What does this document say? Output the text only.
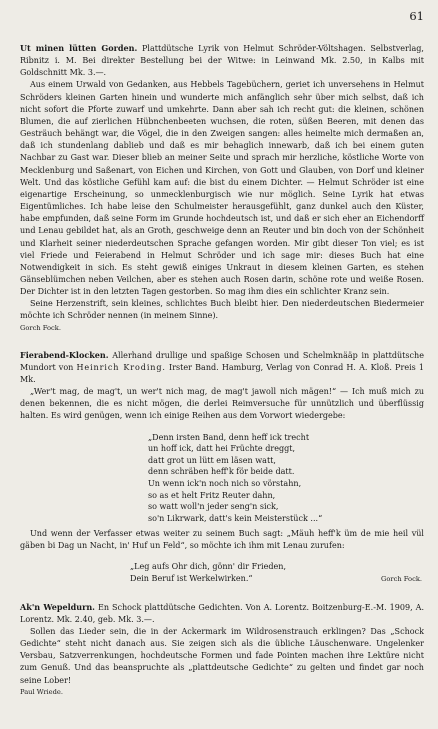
61

Ut minen lütten Gorden. Plattdütsche Lyrik von Helmut Schröder-Völtshagen. Selbstverlag, Ribnitz i. M. Bei direkter Bestellung bei der Witwe: in Leinwand Mk. 2.50, in Kalbs mit Goldschnitt Mk. 3.—.

Aus einem Urwald von Gedanken, aus Hebbels Tagebüchern, geriet ich unversehens in Helmut Schröders kleinen Garten hinein und wunderte mich anfänglich sehr über mich selbst, daß ich nicht sofort die Pforte zuwarf und umkehrte. Dann aber sah ich recht gut: die kleinen, schönen Blumen, die auf zierlichen Hübnchenbeeten wuchsen, die roten, süßen Beeren, mit denen das Gesträuch behängt war, die Vögel, die in den Zweigen sangen: alles heimelte mich dermaßen an, daß ich stundenlang dablieb und daß es mir behaglich innewarb, daß ich bei einem guten Nachbar zu Gast war. Dieser blieb an meiner Seite und sprach mir herzliche, köstliche Worte von Mecklenburg und Saßenart, von Eichen und Kirchen, von Gott und Glauben, von Dorf und kleiner Welt. Und das köstliche Gefühl kam auf: die bist du einem Dichter. — Helmut Schröder ist eine eigenartige Erscheinung, so unmecklenburgisch wie nur möglich. Seine Lyrik hat etwas Eigentümliches. Ich habe leise den Schulmeister herausgefühlt, ganz dunkel auch den Küster, habe empfunden, daß seine Form im Grunde hochdeutsch ist, und daß er sich eher an Eichendorff und Lenau gebildet hat, als an Groth, geschweige denn an Reuter und bin doch von der Schönheit und Klarheit seiner niederdeutschen Sprache gefangen worden. Mir gibt dieser Ton viel; es ist viel Friede und Feierabend in Helmut Schröder und ich sage mir: dieses Buch hat eine Notwendigkeit in sich. Es steht gewiß einiges Unkraut in diesem kleinen Garten, es stehen Gänseblümchen neben Veilchen, aber es stehen auch Rosen darin, schöne rote und weiße Rosen. Der Dichter ist in den letzten Tagen gestorben. So mag ihm dies ein schlichter Kranz sein.

Seine Herzenstrift, sein kleines, schlichtes Buch bleibt hier. Den niederdeutschen Biedermeier möchte ich Schröder nennen (in meinem Sinne).

Gorch Fock.

Fierabend-Klocken. Allerhand drullige und spaßige Schosen und Schelmknääp in plattdütsche Mundort von Heinrich Kroding. Irster Band. Hamburg, Verlag von Conrad H. A. Kloß. Preis 1 Mk.

„Wer't mag, de mag't, un wer't nich mag, de mag't jawoll nich mägen!“ — Ich muß mich zu denen bekennen, die es nicht mögen, die derlei Reimversuche für unnützlich und überflüssig halten. Es wird genügen, wenn ich einige Reihen aus dem Vorwort wiedergebe:

„Denn irsten Band, denn heff ick trecht
un hoff ick, datt hei Früchte dreggt,
datt grot un lütt em läsen watt,
denn schräben heff'k för beide datt.
Un wenn ick'n noch nich so vörstahn,
so as et helt Fritz Reuter dahn,
so watt woll'n jeder seng'n sick,
so'n Likrwark, datt's kein Meisterstück ...“

Und wenn der Verfasser etwas weiter zu seinem Buch sagt: „Mäuh heff'k üm de mie heil vül gäben bi Dag un Nacht, in' Huf un Feld“, so möchte ich ihm mit Lenau zurufen:

„Leg aufs Ohr dich, gönn' dir Frieden,
Dein Beruf ist Werkelwirken.“	Gorch Fock.

Ak'n Wepeldurn. En Schock plattdütsche Gedichten. Von A. Lorentz. Boitzenburg-E.-M. 1909, A. Lorentz. Mk. 2.40, geb. Mk. 3.—.

Sollen das Lieder sein, die in der Ackermark im Wildrosenstrauch erklingen? Das „Schock Gedichte“ steht nicht danach aus. Sie zeigen sich als die übliche Läuschenware. Ungelenker Versbau, Satzverrenkungen, hochdeutsche Formen und fade Pointen machen ihre Lektüre nicht zum Genuß. Und das beanspruchte als „plattdeutsche Gedichte“ zu gelten und findet gar noch seine Lober!

Paul Wriede.
